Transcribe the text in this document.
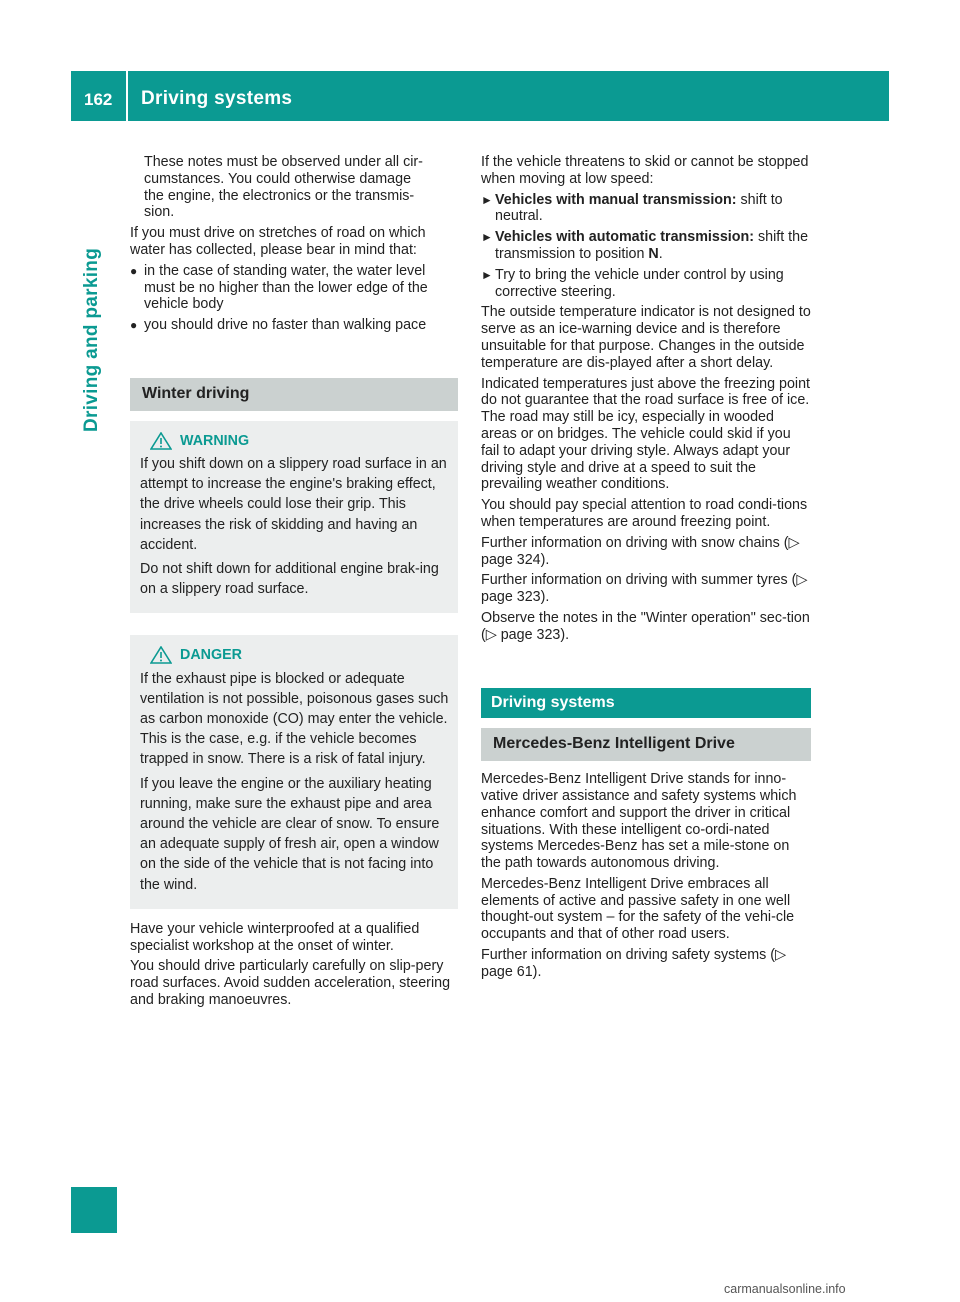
162 Driving systems
Driving and parking

These notes must be observed under all cir-
cumstances. You could otherwise damage
the engine, the electronics or the transmis-
sion.

If you must drive on stretches of road on which water has collected, please bear in mind that:

● in the case of standing water, the water level must be no higher than the lower edge of the vehicle body
● you should drive no faster than walking pace
Winter driving
WARNING

If you shift down on a slippery road surface in an attempt to increase the engine's braking effect, the drive wheels could lose their grip. This increases the risk of skidding and having an accident.

Do not shift down for additional engine brak-ing on a slippery road surface.

DANGER

If the exhaust pipe is blocked or adequate ventilation is not possible, poisonous gases such as carbon monoxide (CO) may enter the vehicle. This is the case, e.g. if the vehicle becomes trapped in snow. There is a risk of fatal injury.

If you leave the engine or the auxiliary heating running, make sure the exhaust pipe and area around the vehicle are clear of snow. To ensure an adequate supply of fresh air, open a window on the side of the vehicle that is not facing into the wind.

Have your vehicle winterproofed at a qualified specialist workshop at the onset of winter.

You should drive particularly carefully on slip-pery road surfaces. Avoid sudden acceleration, steering and braking manoeuvres.

If the vehicle threatens to skid or cannot be stopped when moving at low speed:

► Vehicles with manual transmission: shift to neutral.
► Vehicles with automatic transmission: shift the transmission to position N.
► Try to bring the vehicle under control by using corrective steering.

The outside temperature indicator is not designed to serve as an ice-warning device and is therefore unsuitable for that purpose. Changes in the outside temperature are dis-played after a short delay.

Indicated temperatures just above the freezing point do not guarantee that the road surface is free of ice. The road may still be icy, especially in wooded areas or on bridges. The vehicle could skid if you fail to adapt your driving style. Always adapt your driving style and drive at a speed to suit the prevailing weather conditions.

You should pay special attention to road condi-tions when temperatures are around freezing point.

Further information on driving with snow chains (▷ page 324).

Further information on driving with summer tyres (▷ page 323).

Observe the notes in the "Winter operation" sec-tion (▷ page 323).

Driving systems
Mercedes-Benz Intelligent Drive

Mercedes-Benz Intelligent Drive stands for inno-vative driver assistance and safety systems which enhance comfort and support the driver in critical situations. With these intelligent co-ordi-nated systems Mercedes-Benz has set a mile-stone on the path towards autonomous driving.

Mercedes-Benz Intelligent Drive embraces all elements of active and passive safety in one well thought-out system – for the safety of the vehi-cle occupants and that of other road users.

Further information on driving safety systems (▷ page 61).

carmanualsonline.info
